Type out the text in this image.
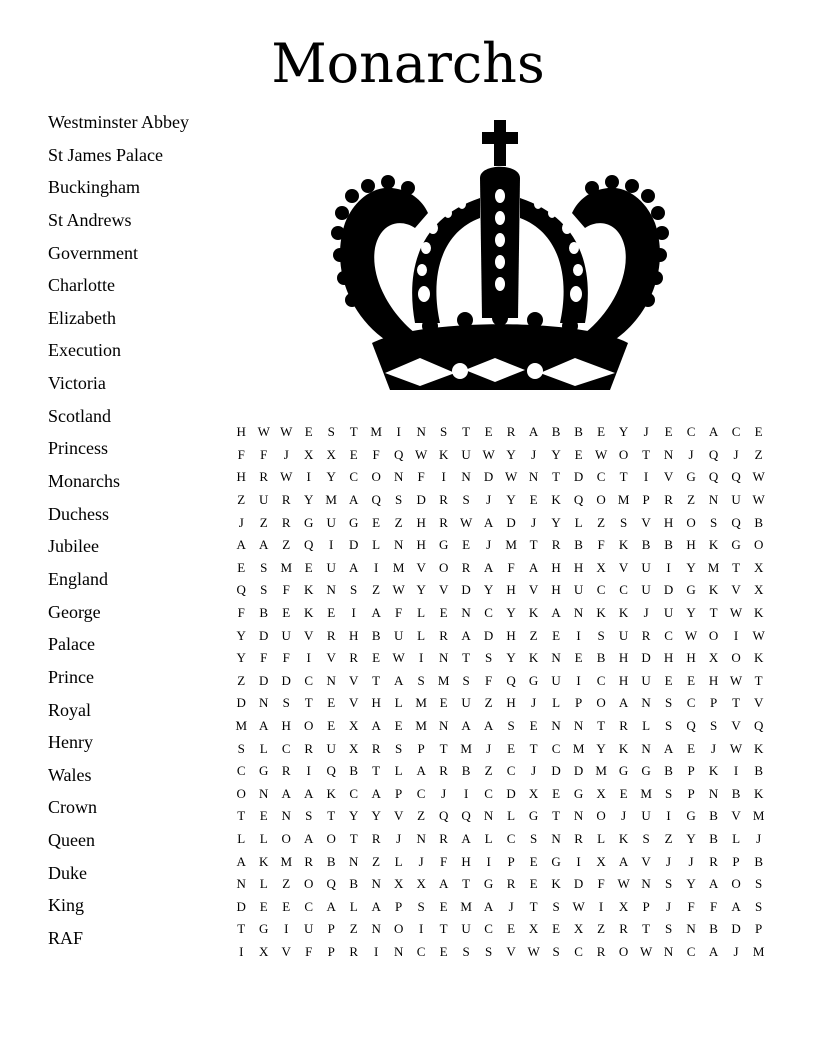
Monarchs
Westminster Abbey
St James Palace
Buckingham
St Andrews
Government
Charlotte
Elizabeth
Execution
Victoria
Scotland
Princess
Monarchs
Duchess
Jubilee
England
George
Palace
Prince
Royal
Henry
Wales
Crown
Queen
Duke
King
RAF
H	W	W	E	S	T	M	I	N	S	T	E	R	A	B	B	E	Y	J	E	C	A	C	E
F	F	J	X	X	E	F	Q	W	K	U	W	Y	J	Y	E	W	O	T	N	J	Q	J	Z
H	R	W	I	Y	C	O	N	F	I	N	D	W	N	T	D	C	T	I	V	G	Q	Q	W
Z	U	R	Y	M	A	Q	S	D	R	S	J	Y	E	K	Q	O	M	P	R	Z	N	U	W
J	Z	R	G	U	G	E	Z	H	R	W	A	D	J	Y	L	Z	S	V	H	O	S	Q	B
A	A	Z	Q	I	D	L	N	H	G	E	J	M	T	R	B	F	K	B	B	H	K	G	O
E	S	M	E	U	A	I	M	V	O	R	A	F	A	H	H	X	V	U	I	Y	M	T	X
Q	S	F	K	N	S	Z	W	Y	V	D	Y	H	V	H	U	C	C	U	D	G	K	V	X
F	B	E	K	E	I	A	F	L	E	N	C	Y	K	A	N	K	K	J	U	Y	T	W	K
Y	D	U	V	R	H	B	U	L	R	A	D	H	Z	E	I	S	U	R	C	W	O	I	W
Y	F	F	I	V	R	E	W	I	N	T	S	Y	K	N	E	B	H	D	H	H	X	O	K
Z	D	D	C	N	V	T	A	S	M	S	F	Q	G	U	I	C	H	U	E	E	H	W	T
D	N	S	T	E	V	H	L	M	E	U	Z	H	J	L	P	O	A	N	S	C	P	T	V
M	A	H	O	E	X	A	E	M	N	A	A	S	E	N	N	T	R	L	S	Q	S	V	Q
S	L	C	R	U	X	R	S	P	T	M	J	E	T	C	M	Y	K	N	A	E	J	W	K
C	G	R	I	Q	B	T	L	A	R	B	Z	C	J	D	D	M	G	G	B	P	K	I	B
O	N	A	A	K	C	A	P	C	J	I	C	D	X	E	G	X	E	M	S	P	N	B	K
T	E	N	S	T	Y	Y	V	Z	Q	Q	N	L	G	T	N	O	J	U	I	G	B	V	M
L	L	O	A	O	T	R	J	N	R	A	L	C	S	N	R	L	K	S	Z	Y	B	L	J
A	K	M	R	B	N	Z	L	J	F	H	I	P	E	G	I	X	A	V	J	J	R	P	B
N	L	Z	O	Q	B	N	X	X	A	T	G	R	E	K	D	F	W	N	S	Y	A	O	S
D	E	E	C	A	L	A	P	S	E	M	A	J	T	S	W	I	X	P	J	F	F	A	S
T	G	I	U	P	Z	N	O	I	T	U	C	E	X	E	X	Z	R	T	S	N	B	D	P
I	X	V	F	P	R	I	N	C	E	S	S	V	W	S	C	R	O	W	N	C	A	J	M
